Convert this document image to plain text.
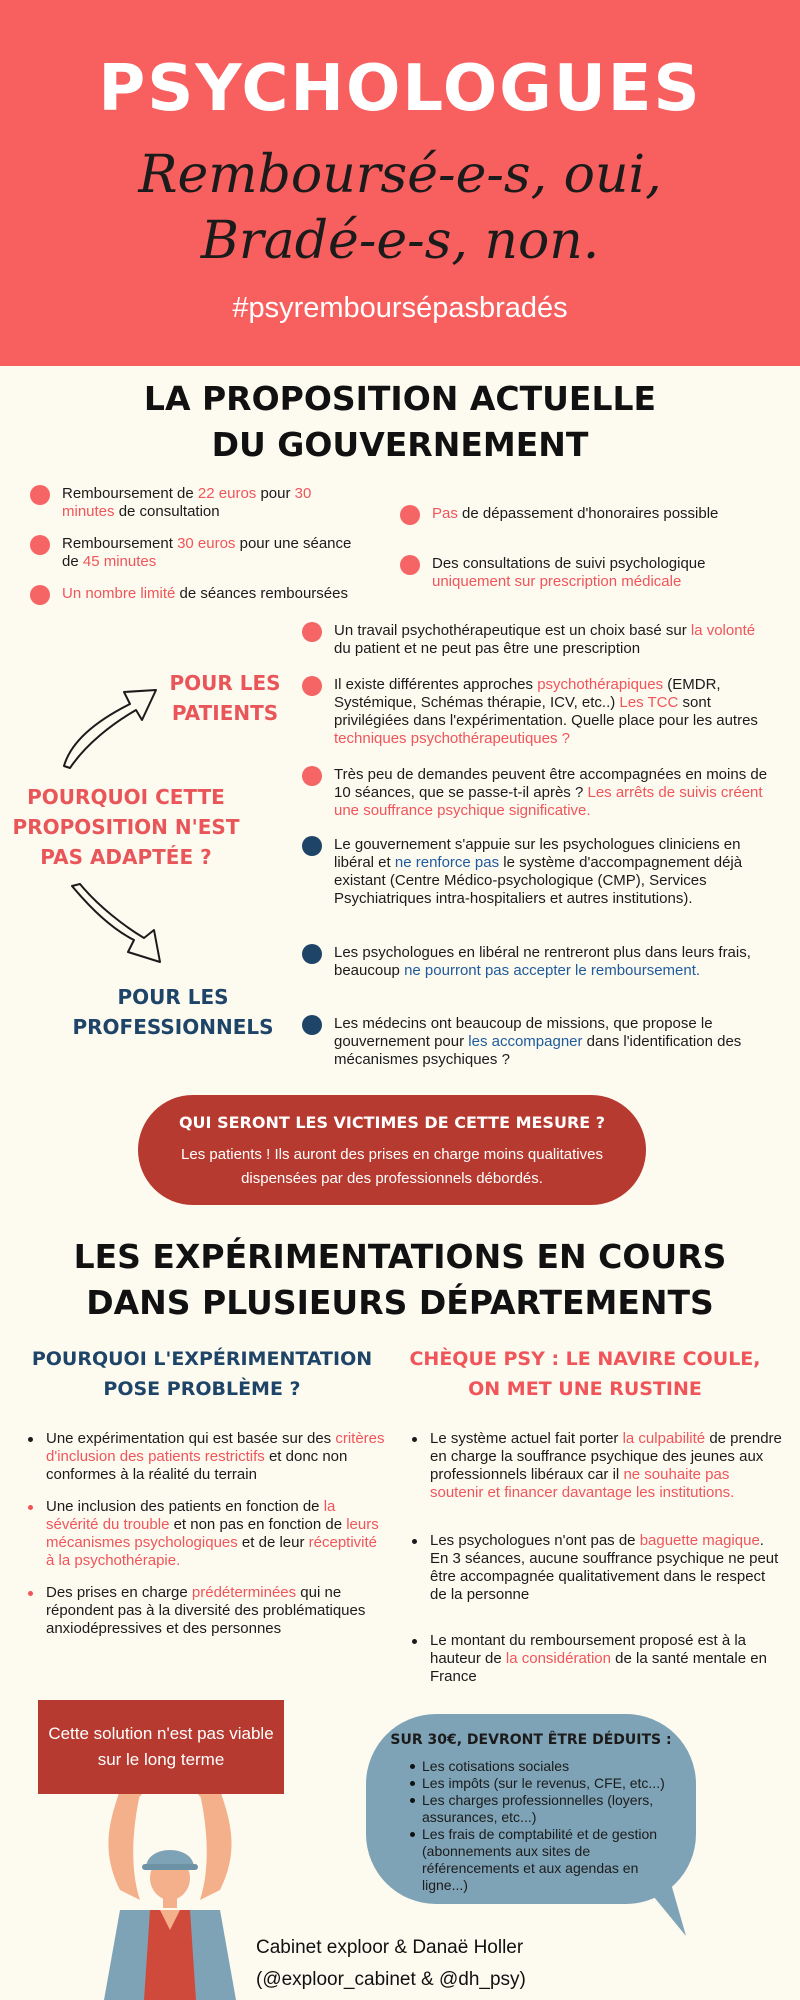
PSYCHOLOGUES
Remboursé-e-s, oui,
Bradé-e-s, non.
#psyremboursépasbradés
LA PROPOSITION ACTUELLE DU GOUVERNEMENT
Remboursement de 22 euros pour 30 minutes de consultation
Remboursement 30 euros pour une séance de 45 minutes
Un nombre limité de séances remboursées
Pas de dépassement d'honoraires possible
Des consultations de suivi psychologique uniquement sur prescription médicale
POUR LES PATIENTS
POURQUOI CETTE PROPOSITION N'EST PAS ADAPTÉE ?
POUR LES PROFESSIONNELS
Un travail psychothérapeutique est un choix basé sur la volonté du patient et ne peut pas être une prescription
Il existe différentes approches psychothérapiques (EMDR, Systémique, Schémas thérapie, ICV, etc..) Les TCC sont privilégiées dans l'expérimentation. Quelle place pour les autres techniques psychothérapeutiques ?
Très peu de demandes peuvent être accompagnées en moins de 10 séances, que se passe-t-il après ? Les arrêts de suivis créent une souffrance psychique significative.
Le gouvernement s'appuie sur les psychologues cliniciens en libéral et ne renforce pas le système d'accompagnement déjà existant (Centre Médico-psychologique (CMP), Services Psychiatriques intra-hospitaliers et autres institutions).
Les psychologues en libéral ne rentreront plus dans leurs frais, beaucoup ne pourront pas accepter le remboursement.
Les médecins ont beaucoup de missions, que propose le gouvernement pour les accompagner dans l'identification des mécanismes psychiques ?
QUI SERONT LES VICTIMES DE CETTE MESURE ?
Les patients ! Ils auront des prises en charge moins qualitatives dispensées par des professionnels débordés.
LES EXPÉRIMENTATIONS EN COURS DANS PLUSIEURS DÉPARTEMENTS
POURQUOI L'EXPÉRIMENTATION POSE PROBLÈME ?
CHÈQUE PSY : LE NAVIRE COULE, ON MET UNE RUSTINE
Une expérimentation qui est basée sur des critères d'inclusion des patients restrictifs et donc non conformes à la réalité du terrain
Une inclusion des patients en fonction de la sévérité du trouble et non pas en fonction de leurs mécanismes psychologiques et de leur réceptivité à la psychothérapie.
Des prises en charge prédéterminées qui ne répondent pas à la diversité des problématiques anxiodépressives et des personnes
Le système actuel fait porter la culpabilité de prendre en charge la souffrance psychique des jeunes aux professionnels libéraux car il ne souhaite pas soutenir et financer davantage les institutions.
Les psychologues n'ont pas de baguette magique. En 3 séances, aucune souffrance psychique ne peut être accompagnée qualitativement dans le respect de la personne
Le montant du remboursement proposé est à la hauteur de la considération de la santé mentale en France
Cette solution n'est pas viable sur le long terme
SUR 30€, DEVRONT ÊTRE DÉDUITS :
Les cotisations sociales
Les impôts (sur le revenus, CFE, etc...)
Les charges professionnelles (loyers, assurances, etc...)
Les frais de comptabilité et de gestion (abonnements aux sites de référencements et aux agendas en ligne...)
Cabinet exploor & Danaë Holler
(@exploor_cabinet & @dh_psy)
